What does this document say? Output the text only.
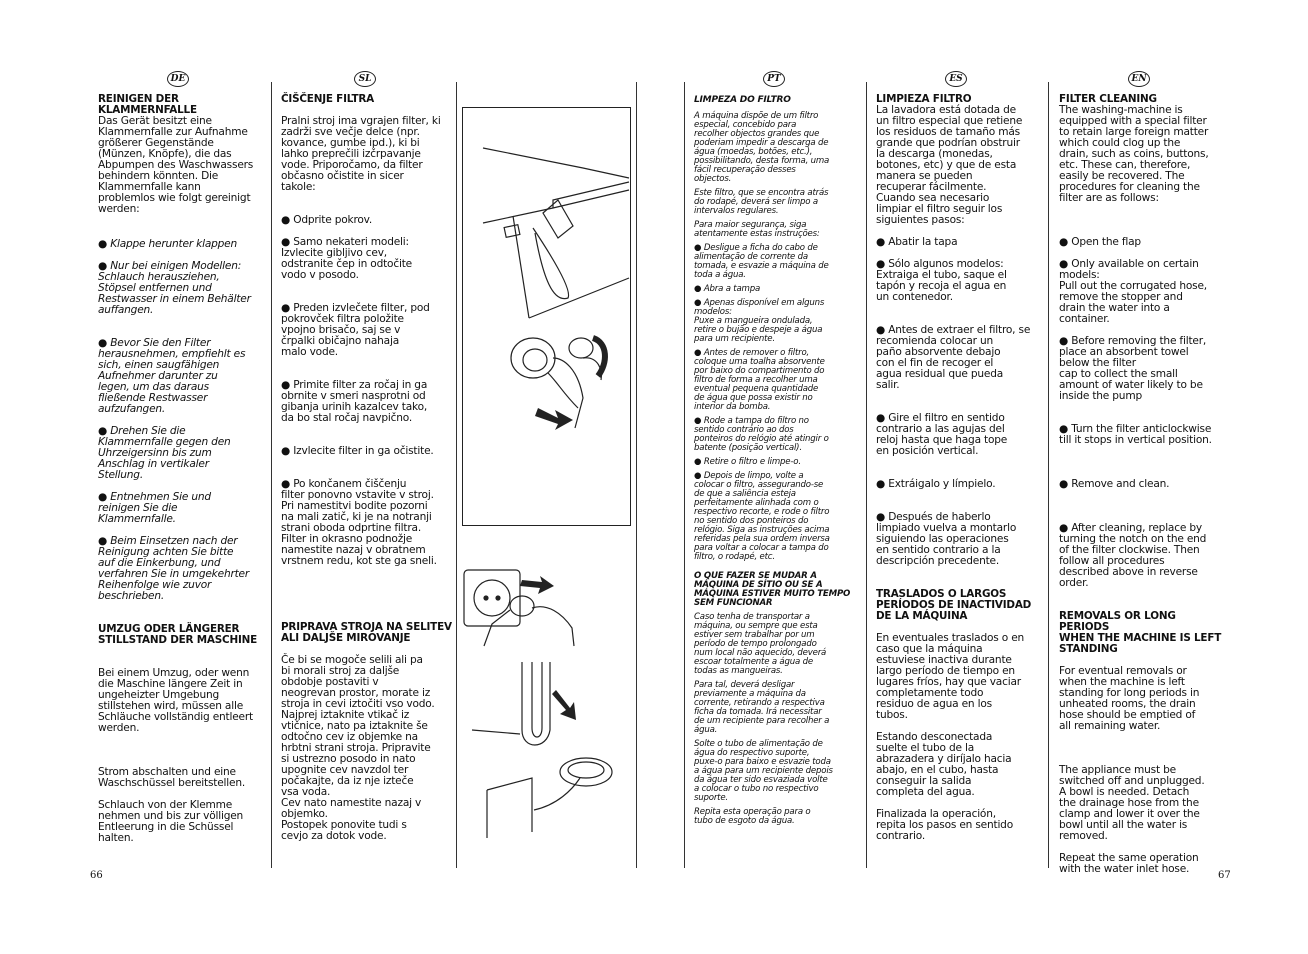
DE	SL	PT	ES	EN

REINIGEN DER
KLAMMERNFALLE

Das Gerät besitzt eine
Klammernfalle zur Aufnahme
größerer Gegenstände
(Münzen, Knöpfe), die das
Abpumpen des Waschwassers
behindern könnten. Die
Klammernfalle kann
problemlos wie folgt gereinigt
werden:

● Klappe herunter klappen

● Nur bei einigen Modellen:
Schlauch herausziehen,
Stöpsel entfernen und
Restwasser in einem Behälter
auffangen.

● Bevor Sie den Filter
herausnehmen, empfiehlt es
sich, einen saugfähigen
Aufnehmer darunter zu
legen, um das daraus
fließende Restwasser
aufzufangen.

● Drehen Sie die
Klammernfalle gegen den
Uhrzeigersinn bis zum
Anschlag in vertikaler
Stellung.

● Entnehmen Sie und
reinigen Sie die
Klammernfalle.

● Beim Einsetzen nach der
Reinigung achten Sie bitte
auf die Einkerbung, und
verfahren Sie in umgekehrter
Reihenfolge wie zuvor
beschrieben.

UMZUG ODER LÄNGERER
STILLSTAND DER MASCHINE

Bei einem Umzug, oder wenn
die Maschine längere Zeit in
ungeheizter Umgebung
stillstehen wird, müssen alle
Schläuche vollständig entleert
werden.

Strom abschalten und eine
Waschschüssel bereitstellen.

Schlauch von der Klemme
nehmen und bis zur völligen
Entleerung in die Schüssel
halten.

ČIŠČENJE FILTRA

Pralni stroj ima vgrajen filter, ki
zadrži sve večje delce (npr.
kovance, gumbe ipd.), ki bi
lahko preprečili izčrpavanje
vode. Priporočamo, da filter
občasno očistite in sicer
takole:

● Odprite pokrov.

● Samo nekateri modeli:
Izvlecite gibljivo cev,
odstranite čep in odtočite
vodo v posodo.

● Preden izvlečete filter, pod
pokrovček filtra položite
vpojno brisačo, saj se v
črpalki običajno nahaja
malo vode.

● Primite filter za ročaj in ga
obrnite v smeri nasprotni od
gibanja urinih kazalcev tako,
da bo stal ročaj navpično.

● Izvlecite filter in ga očistite.

● Po končanem čiščenju
filter ponovno vstavite v stroj.
Pri namestitvi bodite pozorni
na mali zatič, ki je na notranji
strani oboda odprtine filtra.
Filter in okrasno podnožje
namestite nazaj v obratnem
vrstnem redu, kot ste ga sneli.

PRIPRAVA STROJA NA SELITEV
ALI DALJŠE MIROVANJE

Če bi se mogoče selili ali pa
bi morali stroj za daljše
obdobje postaviti v
neogrevan prostor, morate iz
stroja in cevi iztočiti vso vodo.
Najprej iztaknite vtikač iz
vtičnice, nato pa iztaknite še
odtočno cev iz objemke na
hrbtni strani stroja. Pripravite
si ustrezno posodo in nato
upognite cev navzdol ter
počakajte, da iz nje izteče
vsa voda.
Cev nato namestite nazaj v
objemko.
Postopek ponovite tudi s
cevjo za dotok vode.

LIMPEZA DO FILTRO

A máquina dispõe de um filtro
especial, concebido para
recolher objectos grandes que
poderiam impedir a descarga de
água (moedas, botões, etc.),
possibilitando, desta forma, uma
fácil recuperação desses
objectos.

Este filtro, que se encontra atrás
do rodapé, deverá ser limpo a
intervalos regulares.

Para maior segurança, siga
atentamente estas instruções:

● Desligue a ficha do cabo de
alimentação de corrente da
tomada, e esvazie a máquina de
toda a água.

● Abra a tampa

● Apenas disponível em alguns
modelos:
Puxe a mangueira ondulada,
retire o bujão e despeje a água
para um recipiente.

● Antes de remover o filtro,
coloque uma toalha absorvente
por baixo do compartimento do
filtro de forma a recolher uma
eventual pequena quantidade
de água que possa existir no
interior da bomba.

● Rode a tampa do filtro no
sentido contrário ao dos
ponteiros do relógio até atingir o
batente (posição vertical).

● Retire o filtro e limpe-o.

● Depois de limpo, volte a
colocar o filtro, assegurando-se
de que a saliência esteja
perfeitamente alinhada com o
respectivo recorte, e rode o filtro
no sentido dos ponteiros do
relógio. Siga as instruções acima
referidas pela sua ordem inversa
para voltar a colocar a tampa do
filtro, o rodapé, etc.

O QUE FAZER SE MUDAR A
MÁQUINA DE SÍTIO OU SE A
MÁQUINA ESTIVER MUITO TEMPO
SEM FUNCIONAR

Caso tenha de transportar a
máquina, ou sempre que esta
estiver sem trabalhar por um
período de tempo prolongado
num local não aquecido, deverá
escoar totalmente a água de
todas as mangueiras.

Para tal, deverá desligar
previamente a máquina da
corrente, retirando a respectiva
ficha da tomada. Irá necessitar
de um recipiente para recolher a
água.

Solte o tubo de alimentação de
água do respectivo suporte,
puxe-o para baixo e esvazie toda
a água para um recipiente depois
da água ter sido esvaziada volte
a colocar o tubo no respectivo
suporte.

Repita esta operação para o
tubo de esgoto da água.

LIMPIEZA FILTRO

La lavadora está dotada de
un filtro especial que retiene
los residuos de tamaño más
grande que podrían obstruir
la descarga (monedas,
botones, etc) y que de esta
manera se pueden
recuperar fácilmente.
Cuando sea necesario
limpiar el filtro seguir los
siguientes pasos:

● Abatir la tapa

● Sólo algunos modelos:
Extraiga el tubo, saque el
tapón y recoja el agua en
un contenedor.

● Antes de extraer el filtro, se
recomienda colocar un
paño absorvente debajo
con el fin de recoger el
agua residual que pueda
salir.

● Gire el filtro en sentido
contrario a las agujas del
reloj hasta que haga tope
en posición vertical.

● Extráigalo y límpielo.

● Después de haberlo
limpiado vuelva a montarlo
siguiendo las operaciones
en sentido contrario a la
descripción precedente.

TRASLADOS O LARGOS
PERÍODOS DE INACTIVIDAD
DE LA MÁQUINA

En eventuales traslados o en
caso que la máquina
estuviese inactiva durante
largo período de tiempo en
lugares fríos, hay que vaciar
completamente todo
residuo de agua en los
tubos.

Estando desconectada
suelte el tubo de la
abrazadera y diríjalo hacia
abajo, en el cubo, hasta
conseguir la salida
completa del agua.

Finalizada la operación,
repita los pasos en sentido
contrario.

FILTER CLEANING

The washing-machine is
equipped with a special filter
to retain large foreign matter
which could clog up the
drain, such as coins, buttons,
etc. These can, therefore,
easily be recovered. The
procedures for cleaning the
filter are as follows:

● Open the flap

● Only available on certain
models:
Pull out the corrugated hose,
remove the stopper and
drain the water into a
container.

● Before removing the filter,
place an absorbent towel
below the filter
cap to collect the small
amount of water likely to be
inside the pump

● Turn the filter anticlockwise
till it stops in vertical position.

● Remove and clean.

● After cleaning, replace by
turning the notch on the end
of the filter clockwise. Then
follow all procedures
described above in reverse
order.

REMOVALS OR LONG PERIODS
WHEN THE MACHINE IS LEFT
STANDING

For eventual removals or
when the machine is left
standing for long periods in
unheated rooms, the drain
hose should be emptied of
all remaining water.

The appliance must be
switched off and unplugged.
A bowl is needed. Detach
the drainage hose from the
clamp and lower it over the
bowl until all the water is
removed.

Repeat the same operation
with the water inlet hose.

66	67
